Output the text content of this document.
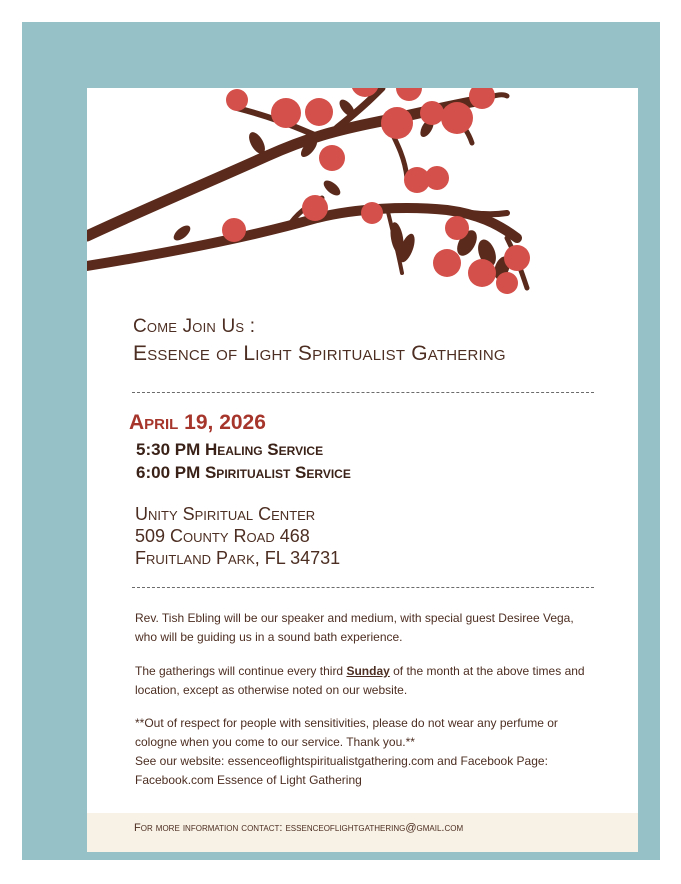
Come Join Us :
Essence of Light Spiritualist Gathering
April 19, 2026
5:30 PM Healing Service
6:00 PM Spiritualist Service
Unity Spiritual Center
509 County Road 468
Fruitland Park, FL 34731
Rev. Tish Ebling will be our speaker and medium, with special guest Desiree Vega, who will be guiding us in a sound bath experience.
The gatherings will continue every third Sunday of the month at the above times and location, except as otherwise noted on our website.
**Out of respect for people with sensitivities, please do not wear any perfume or cologne when you come to our service. Thank you.**
See our website: essenceoflightspiritualistgathering.com and Facebook Page:
Facebook.com Essence of Light Gathering
For more information contact: essenceoflightgathering@gmail.com
